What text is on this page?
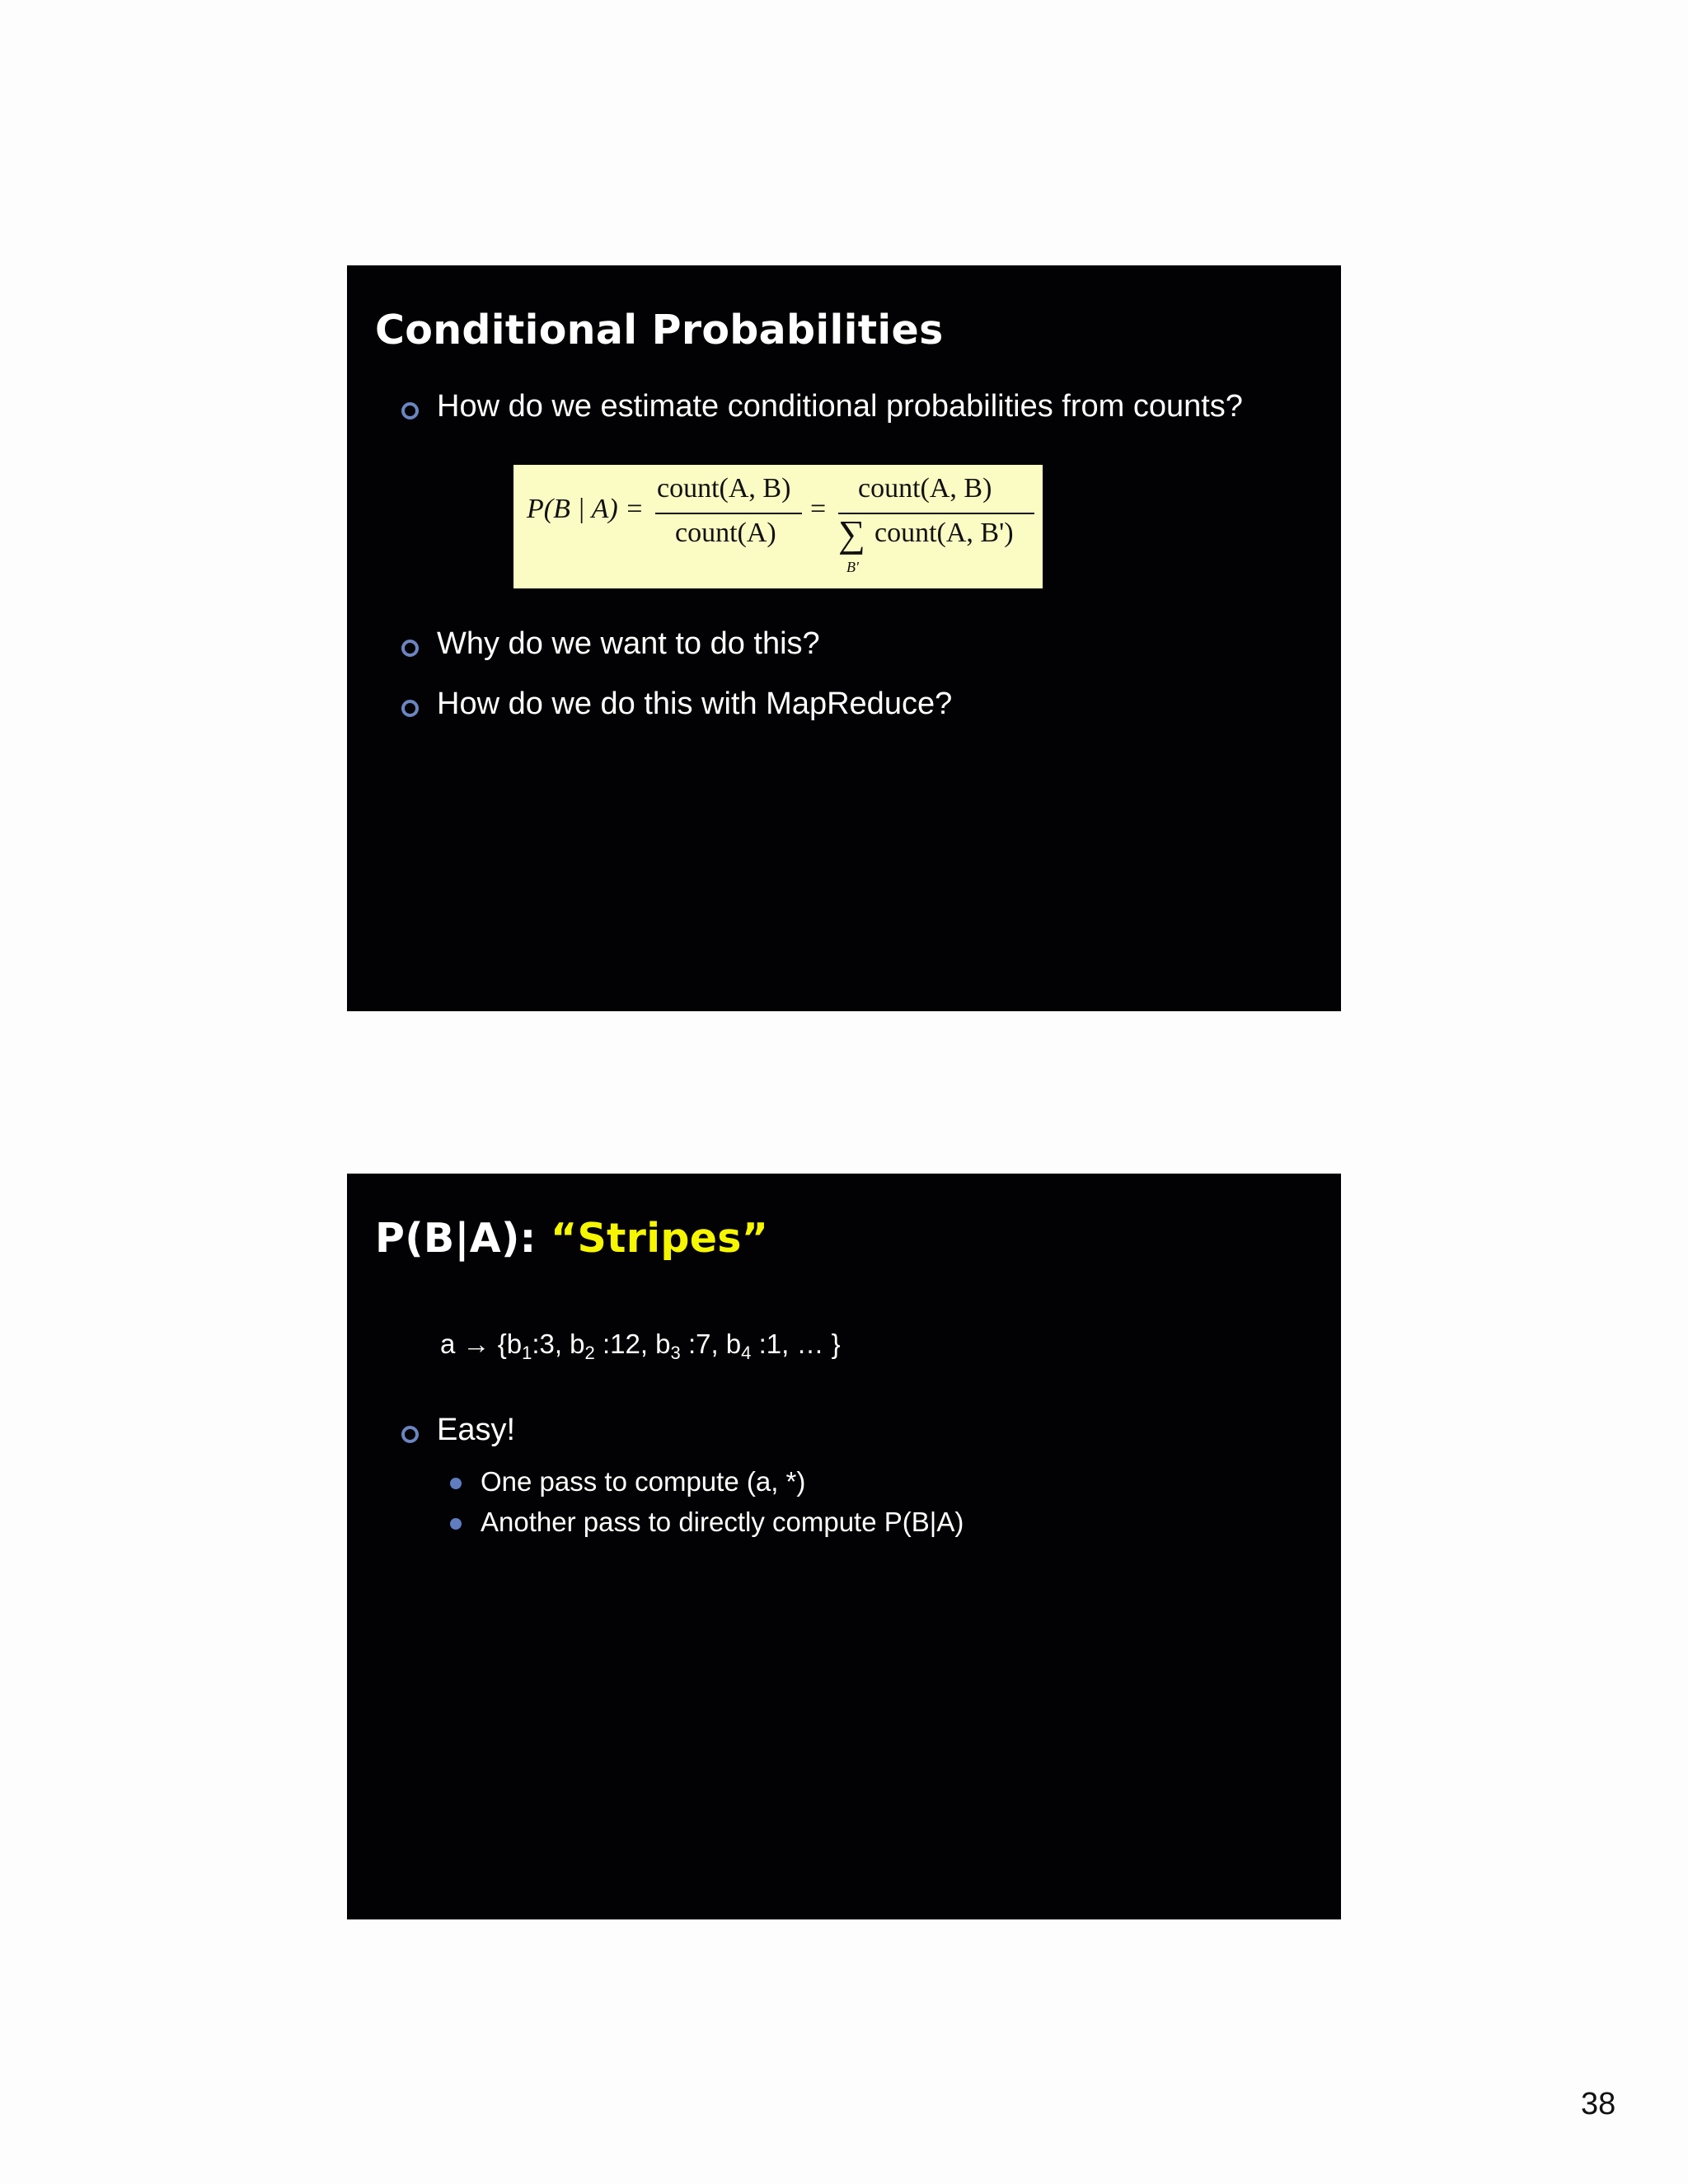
Conditional Probabilities
How do we estimate conditional probabilities from counts?
P(B | A) =
count(A, B)
count(A)
=
count(A, B)
∑
B'
count(A, B')
Why do we want to do this?
How do we do this with MapReduce?
P(B|A): “Stripes”
$a \to \{b_1:3$, $b_2$ :12, $b_3$ :7, $b_4$ :1, … }
Easy!
One pass to compute (a, *)
Another pass to directly compute P(B|A)
38
